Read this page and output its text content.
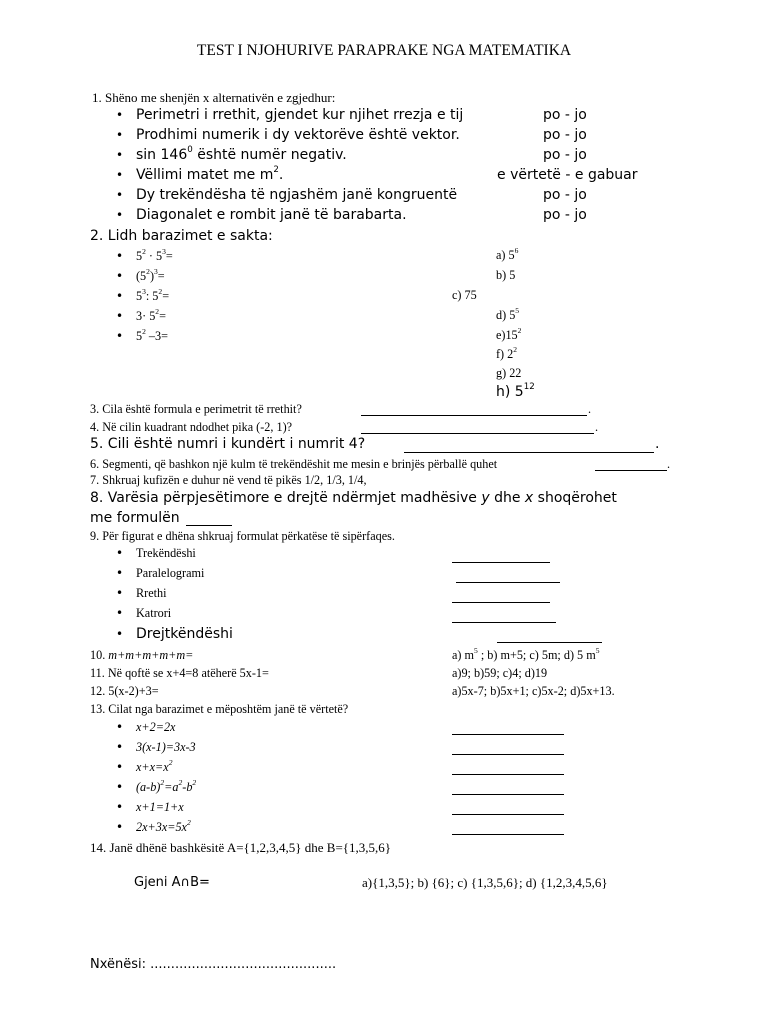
TEST I NJOHURIVE PARAPRAKE NGA MATEMATIKA
1. Shëno me shenjën x alternativën e zgjedhur:
• Perimetri i rrethit, gjendet kur njihet rrezja e tij	po - jo
• Prodhimi numerik i dy vektorëve është vektor.	po - jo
• $\sin 146^0$ është numër negativ.	po - jo
• Vëllimi matet me $m^2$.	e vërtetë - e gabuar
• Dy trekëndësha të ngjashëm janë kongruentë	po - jo
• Diagonalet e rombit janë të barabarta.	po - jo
2. Lidh barazimet e sakta:
• $5^2 \cdot 5^3=$
• $(5^2)^3=$
• $5^3$: $5^2=$
• $3\cdot 5^2=$
• $5^2$ –3=
a) $5^6$
b) 5
c) 75
d) $5^5$
$e)15^2$
f) $2^2$
g) 22
h) $5^{12}$
3. Cila është formula e perimetrit të rrethit?	.
4. Në cilin kuadrant ndodhet pika (-2, 1)?	.
5. Cili është numri i kundërt i numrit 4?	.
6. Segmenti, që bashkon një kulm të trekëndëshit me mesin e brinjës përballë quhet	.
7. Shkruaj kufizën e duhur në vend të pikës 1/2, 1/3, 1/4,
8. Varësia përpjesëtimore e drejtë ndërmjet madhësive y dhe x shoqërohet
me formulën
9. Për figurat e dhëna shkruaj formulat përkatëse të sipërfaqes.
• Trekëndëshi
• Paralelogrami
• Rrethi
• Katrori
• Drejtkëndëshi
10. m+m+m+m+m=	a) $m^5$ ; b) m+5; c) 5m; d) 5 $m^5$
11. Në qoftë se x+4=8 atëherë 5x-1=	a)9; b)59; c)4; d)19
12. 5(x-2)+3=	a)5x-7; b)5x+1; c)5x-2; d)5x+13.
13. Cilat nga barazimet e mëposhtëm janë të vërtetë?
• x+2=2x
• 3(x-1)=3x-3
• $x+x=x^2$
• $(a-b)^2=a^2-b^2$
• x+1=1+x
• $2x+3x=5x^2$
14. Janë dhënë bashkësitë A={1,2,3,4,5} dhe B={1,3,5,6}
Gjeni A∩B=	a){1,3,5}; b) {6}; c) {1,3,5,6}; d) {1,2,3,4,5,6}
Nxënësi: .............................................
